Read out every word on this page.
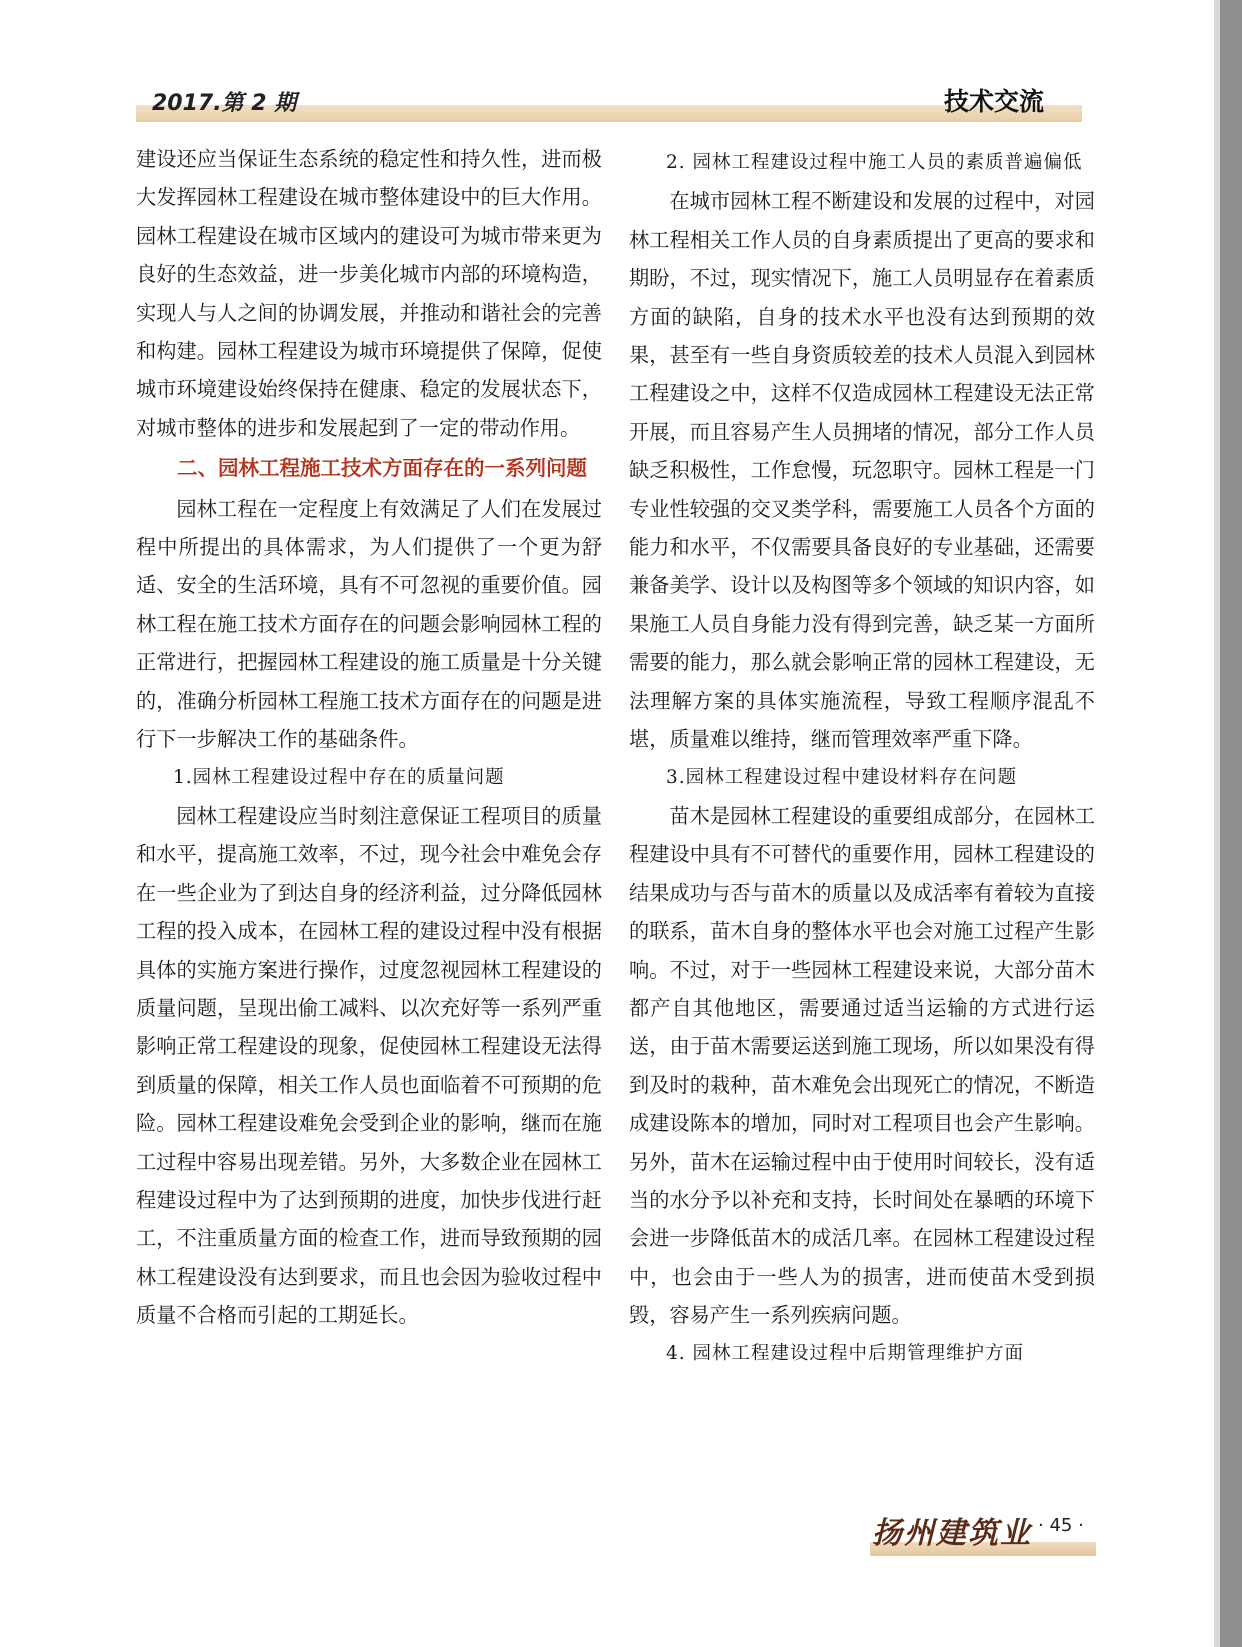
2017.第 2 期	技术交流

建设还应当保证生态系统的稳定性和持久性，进而极大发挥园林工程建设在城市整体建设中的巨大作用。园林工程建设在城市区域内的建设可为城市带来更为良好的生态效益，进一步美化城市内部的环境构造，实现人与人之间的协调发展，并推动和谐社会的完善和构建。园林工程建设为城市环境提供了保障，促使城市环境建设始终保持在健康、稳定的发展状态下，对城市整体的进步和发展起到了一定的带动作用。

二、园林工程施工技术方面存在的一系列问题

园林工程在一定程度上有效满足了人们在发展过程中所提出的具体需求，为人们提供了一个更为舒适、安全的生活环境，具有不可忽视的重要价值。园林工程在施工技术方面存在的问题会影响园林工程的正常进行，把握园林工程建设的施工质量是十分关键的，准确分析园林工程施工技术方面存在的问题是进行下一步解决工作的基础条件。

1.园林工程建设过程中存在的质量问题

园林工程建设应当时刻注意保证工程项目的质量和水平，提高施工效率，不过，现今社会中难免会存在一些企业为了到达自身的经济利益，过分降低园林工程的投入成本，在园林工程的建设过程中没有根据具体的实施方案进行操作，过度忽视园林工程建设的质量问题，呈现出偷工减料、以次充好等一系列严重影响正常工程建设的现象，促使园林工程建设无法得到质量的保障，相关工作人员也面临着不可预期的危险。园林工程建设难免会受到企业的影响，继而在施工过程中容易出现差错。另外，大多数企业在园林工程建设过程中为了达到预期的进度，加快步伐进行赶工，不注重质量方面的检查工作，进而导致预期的园林工程建设没有达到要求，而且也会因为验收过程中质量不合格而引起的工期延长。

2. 园林工程建设过程中施工人员的素质普遍偏低

在城市园林工程不断建设和发展的过程中，对园林工程相关工作人员的自身素质提出了更高的要求和期盼，不过，现实情况下，施工人员明显存在着素质方面的缺陷，自身的技术水平也没有达到预期的效果，甚至有一些自身资质较差的技术人员混入到园林工程建设之中，这样不仅造成园林工程建设无法正常开展，而且容易产生人员拥堵的情况，部分工作人员缺乏积极性，工作怠慢，玩忽职守。园林工程是一门专业性较强的交叉类学科，需要施工人员各个方面的能力和水平，不仅需要具备良好的专业基础，还需要兼备美学、设计以及构图等多个领域的知识内容，如果施工人员自身能力没有得到完善，缺乏某一方面所需要的能力，那么就会影响正常的园林工程建设，无法理解方案的具体实施流程，导致工程顺序混乱不堪，质量难以维持，继而管理效率严重下降。

3.园林工程建设过程中建设材料存在问题

苗木是园林工程建设的重要组成部分，在园林工程建设中具有不可替代的重要作用，园林工程建设的结果成功与否与苗木的质量以及成活率有着较为直接的联系，苗木自身的整体水平也会对施工过程产生影响。不过，对于一些园林工程建设来说，大部分苗木都产自其他地区，需要通过适当运输的方式进行运送，由于苗木需要运送到施工现场，所以如果没有得到及时的栽种，苗木难免会出现死亡的情况，不断造成建设陈本的增加，同时对工程项目也会产生影响。另外，苗木在运输过程中由于使用时间较长，没有适当的水分予以补充和支持，长时间处在暴晒的环境下会进一步降低苗木的成活几率。在园林工程建设过程中，也会由于一些人为的损害，进而使苗木受到损毁，容易产生一系列疾病问题。

4. 园林工程建设过程中后期管理维护方面

扬州建筑业 · 45 ·
